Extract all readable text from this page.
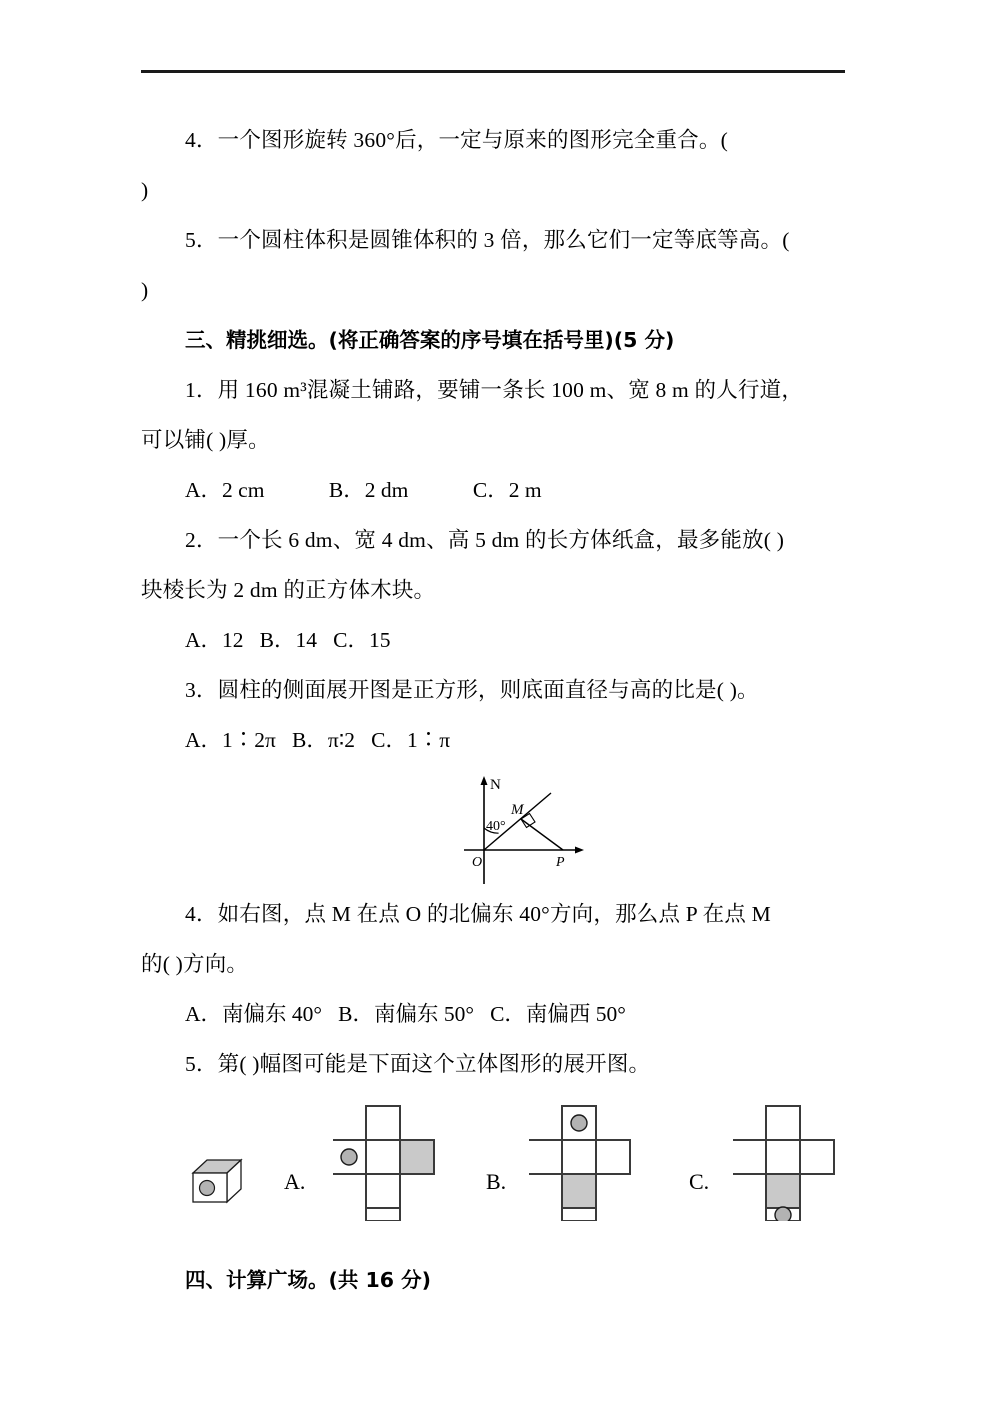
4．一个图形旋转 360°后，一定与原来的图形完全重合。(

)

5．一个圆柱体积是圆锥体积的 3 倍，那么它们一定等底等高。(

)

三、精挑细选。(将正确答案的序号填在括号里)(5 分)

1．用 160 m³混凝土铺路，要铺一条长 100 m、宽 8 m 的人行道，

可以铺( )厚。

A．2 cm            B．2 dm            C．2 m

2．一个长 6 dm、宽 4 dm、高 5 dm 的长方体纸盒，最多能放( )

块棱长为 2 dm 的正方体木块。

A．12   B．14   C．15

3．圆柱的侧面展开图是正方形，则底面直径与高的比是( )。

A．1∶2π   B．π∶2   C．1∶π

N
M
O	P
40°

4．如右图，点 M 在点 O 的北偏东 40°方向，那么点 P 在点 M

的( )方向。

A．南偏东 40°   B．南偏东 50°   C．南偏西 50°

5．第( )幅图可能是下面这个立体图形的展开图。

A.	B.	C.

四、计算广场。(共 16 分)
